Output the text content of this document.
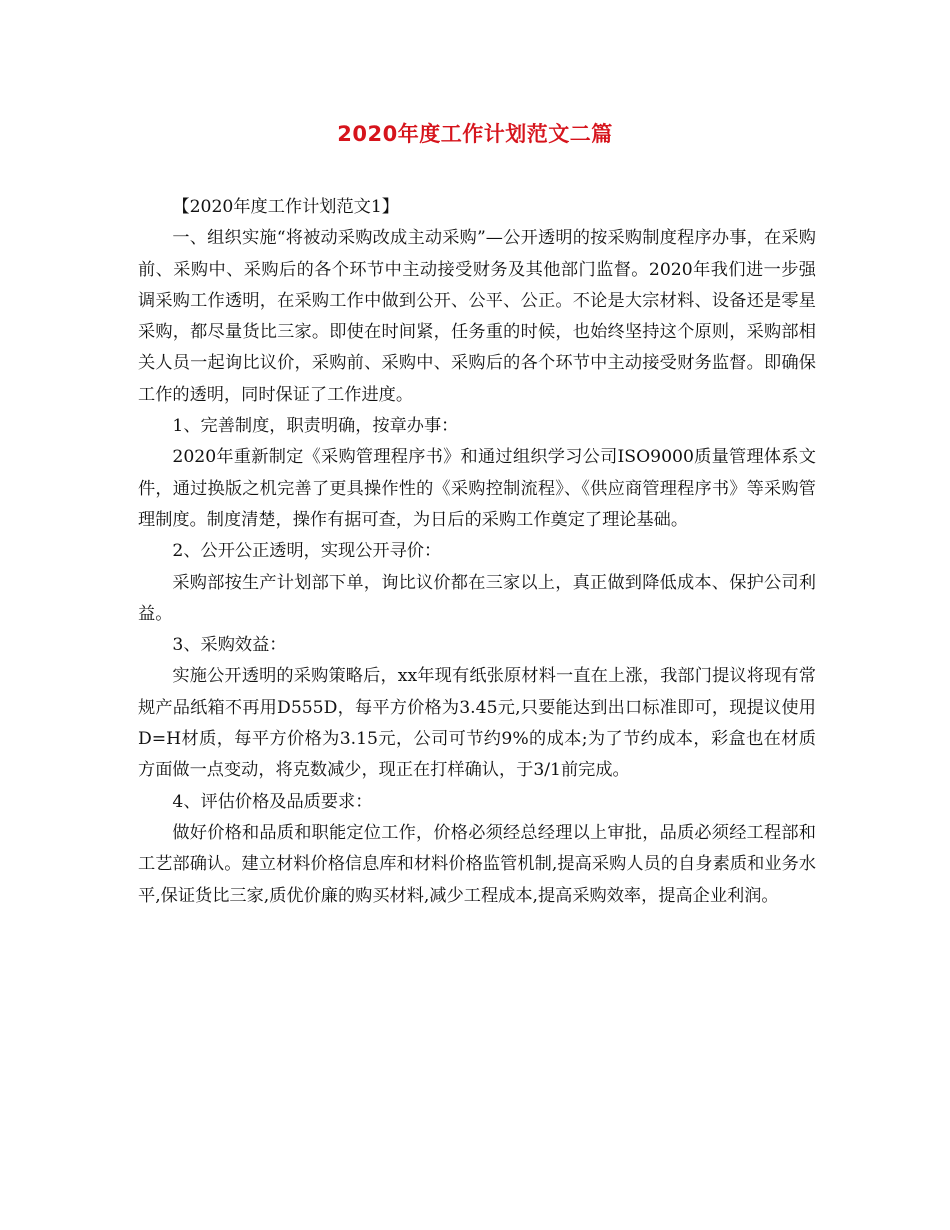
2020年度工作计划范文二篇

【2020年度工作计划范文1】

一、组织实施“将被动采购改成主动采购”—公开透明的按采购制度程序办事，在采购前、采购中、采购后的各个环节中主动接受财务及其他部门监督。2020年我们进一步强调采购工作透明，在采购工作中做到公开、公平、公正。不论是大宗材料、设备还是零星采购，都尽量货比三家。即使在时间紧，任务重的时候，也始终坚持这个原则，采购部相关人员一起询比议价，采购前、采购中、采购后的各个环节中主动接受财务监督。即确保工作的透明，同时保证了工作进度。

1、完善制度，职责明确，按章办事：

2020年重新制定《采购管理程序书》和通过组织学习公司ISO9000质量管理体系文件，通过换版之机完善了更具操作性的《采购控制流程》、《供应商管理程序书》等采购管理制度。制度清楚，操作有据可查，为日后的采购工作奠定了理论基础。

2、公开公正透明，实现公开寻价：

采购部按生产计划部下单，询比议价都在三家以上，真正做到降低成本、保护公司利益。

3、采购效益：

实施公开透明的采购策略后，xx年现有纸张原材料一直在上涨，我部门提议将现有常规产品纸箱不再用D555D，每平方价格为3.45元,只要能达到出口标准即可，现提议使用D=H材质，每平方价格为3.15元，公司可节约9%的成本;为了节约成本，彩盒也在材质方面做一点变动，将克数减少，现正在打样确认，于3/1前完成。

4、评估价格及品质要求：

做好价格和品质和职能定位工作，价格必须经总经理以上审批，品质必须经工程部和工艺部确认。建立材料价格信息库和材料价格监管机制,提高采购人员的自身素质和业务水平,保证货比三家,质优价廉的购买材料,减少工程成本,提高采购效率，提高企业利润。
